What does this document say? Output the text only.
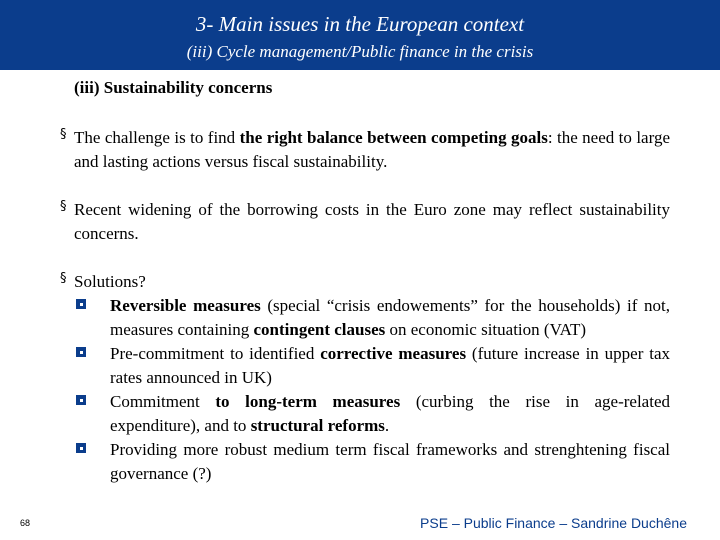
3- Main issues in the European context
(iii) Cycle management/Public finance in the crisis
(iii) Sustainability concerns
§ The challenge is to find the right balance between competing goals: the need to large and lasting actions versus fiscal sustainability.
§ Recent widening of the borrowing costs in the Euro zone may reflect sustainability concerns.
§ Solutions?
Reversible measures (special “crisis endowements” for the households) if not, measures containing contingent clauses on economic situation (VAT)
Pre-commitment to identified corrective measures (future increase in upper tax rates announced in UK)
Commitment to long-term measures (curbing the rise in age-related expenditure), and to structural reforms.
Providing more robust medium term fiscal frameworks and strenghtening fiscal governance (?)
68	PSE – Public Finance – Sandrine Duchêne
